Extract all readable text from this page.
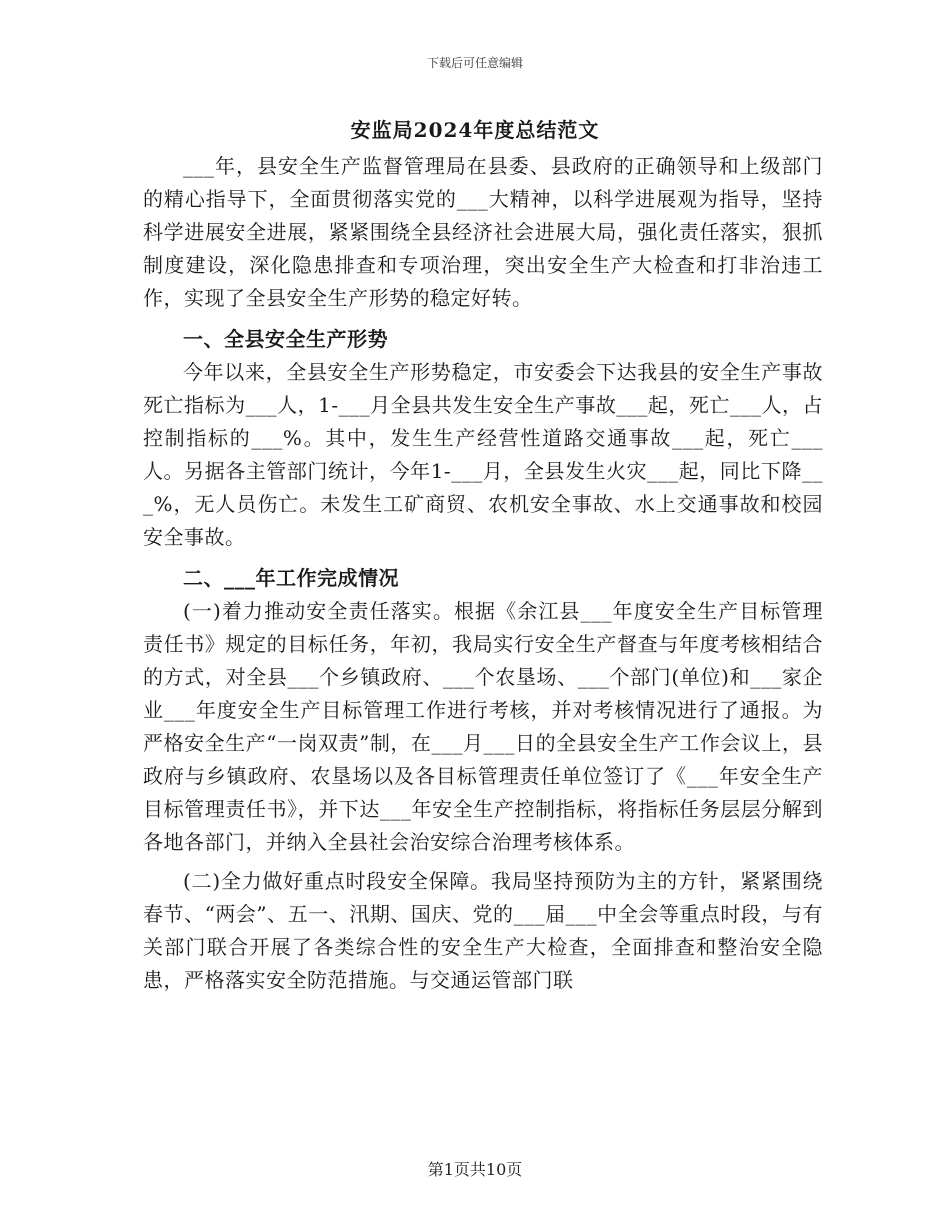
下载后可任意编辑
安监局2024年度总结范文

___年，县安全生产监督管理局在县委、县政府的正确领导和上级部门的精心指导下，全面贯彻落实党的___大精神，以科学进展观为指导，坚持科学进展安全进展，紧紧围绕全县经济社会进展大局，强化责任落实，狠抓制度建设，深化隐患排查和专项治理，突出安全生产大检查和打非治违工作，实现了全县安全生产形势的稳定好转。

一、全县安全生产形势

今年以来，全县安全生产形势稳定，市安委会下达我县的安全生产事故死亡指标为___人，1-___月全县共发生安全生产事故___起，死亡___人，占控制指标的___%。其中，发生生产经营性道路交通事故___起，死亡___人。另据各主管部门统计，今年1-___月，全县发生火灾___起，同比下降___%，无人员伤亡。未发生工矿商贸、农机安全事故、水上交通事故和校园安全事故。

二、___年工作完成情况

(一)着力推动安全责任落实。根据《余江县___年度安全生产目标管理责任书》规定的目标任务，年初，我局实行安全生产督查与年度考核相结合的方式，对全县___个乡镇政府、___个农垦场、___个部门(单位)和___家企业___年度安全生产目标管理工作进行考核，并对考核情况进行了通报。为严格安全生产“一岗双责”制，在___月___日的全县安全生产工作会议上，县政府与乡镇政府、农垦场以及各目标管理责任单位签订了《___年安全生产目标管理责任书》，并下达___年安全生产控制指标，将指标任务层层分解到各地各部门，并纳入全县社会治安综合治理考核体系。

(二)全力做好重点时段安全保障。我局坚持预防为主的方针，紧紧围绕春节、“两会”、五一、汛期、国庆、党的___届___中全会等重点时段，与有关部门联合开展了各类综合性的安全生产大检查，全面排查和整治安全隐患，严格落实安全防范措施。与交通运管部门联

第1页共10页
